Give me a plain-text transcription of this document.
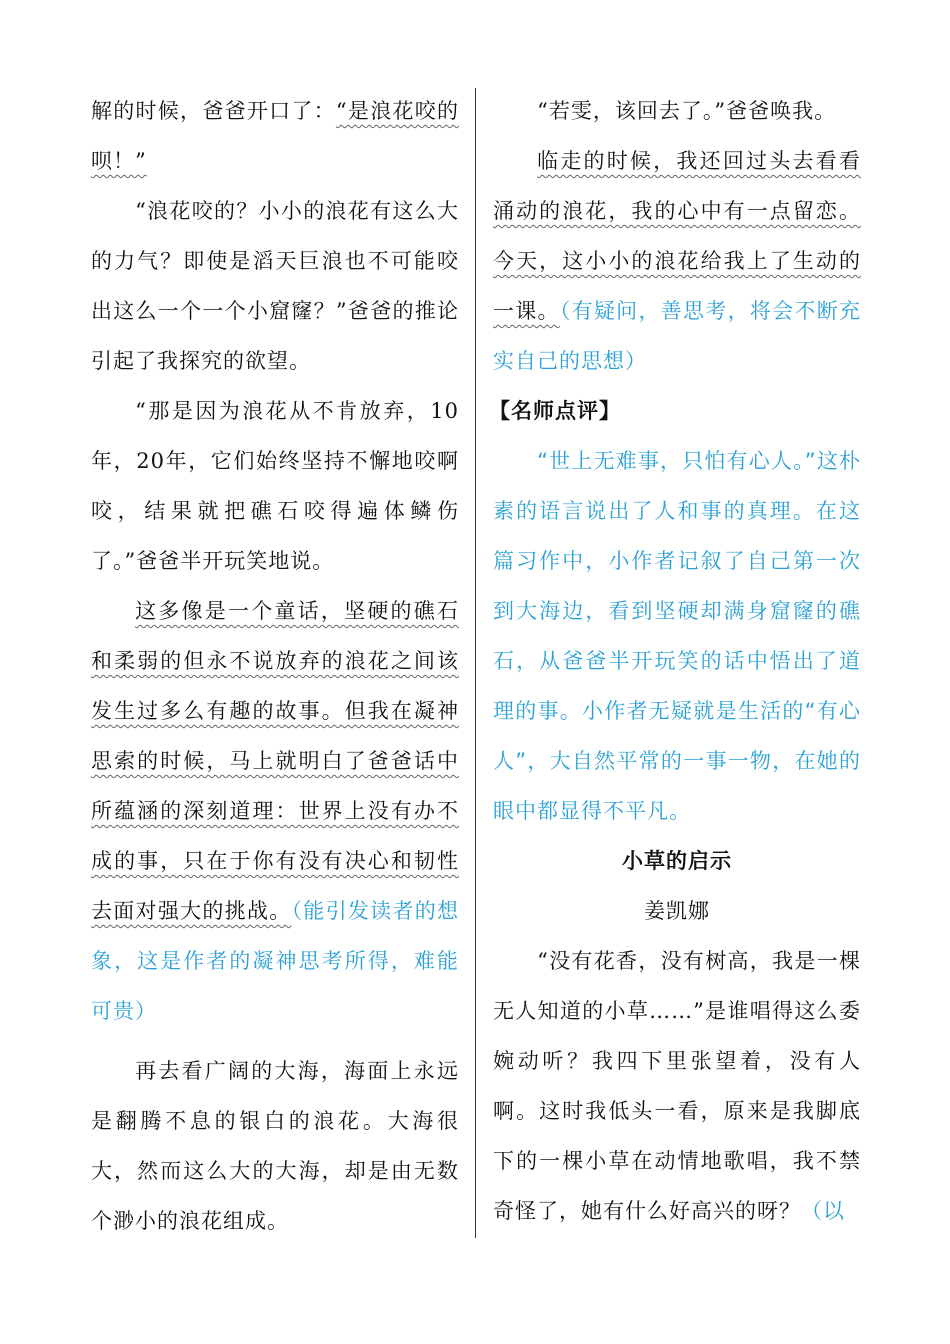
解的时候，爸爸开口了：“是浪花咬的呗！”

“浪花咬的？小小的浪花有这么大的力气？即使是滔天巨浪也不可能咬出这么一个一个小窟窿？”爸爸的推论引起了我探究的欲望。

“那是因为浪花从不肯放弃，10年，20年，它们始终坚持不懈地咬啊咬，结果就把礁石咬得遍体鳞伤了。”爸爸半开玩笑地说。

这多像是一个童话，坚硬的礁石和柔弱的但永不说放弃的浪花之间该发生过多么有趣的故事。但我在凝神思索的时候，马上就明白了爸爸话中所蕴涵的深刻道理：世界上没有办不成的事，只在于你有没有决心和韧性去面对强大的挑战。（能引发读者的想象，这是作者的凝神思考所得，难能可贵）

再去看广阔的大海，海面上永远是翻腾不息的银白的浪花。大海很大，然而这么大的大海，却是由无数个渺小的浪花组成。

“若雯，该回去了。”爸爸唤我。

临走的时候，我还回过头去看看涌动的浪花，我的心中有一点留恋。今天，这小小的浪花给我上了生动的一课。（有疑问，善思考，将会不断充实自己的思想）

【名师点评】

“世上无难事，只怕有心人。”这朴素的语言说出了人和事的真理。在这篇习作中，小作者记叙了自己第一次到大海边，看到坚硬却满身窟窿的礁石，从爸爸半开玩笑的话中悟出了道理的事。小作者无疑就是生活的“有心人”，大自然平常的一事一物，在她的眼中都显得不平凡。

小草的启示

姜凯娜

“没有花香，没有树高，我是一棵无人知道的小草……”是谁唱得这么委婉动听？我四下里张望着，没有人啊。这时我低头一看，原来是我脚底下的一棵小草在动情地歌唱，我不禁奇怪了，她有什么好高兴的呀？（以
